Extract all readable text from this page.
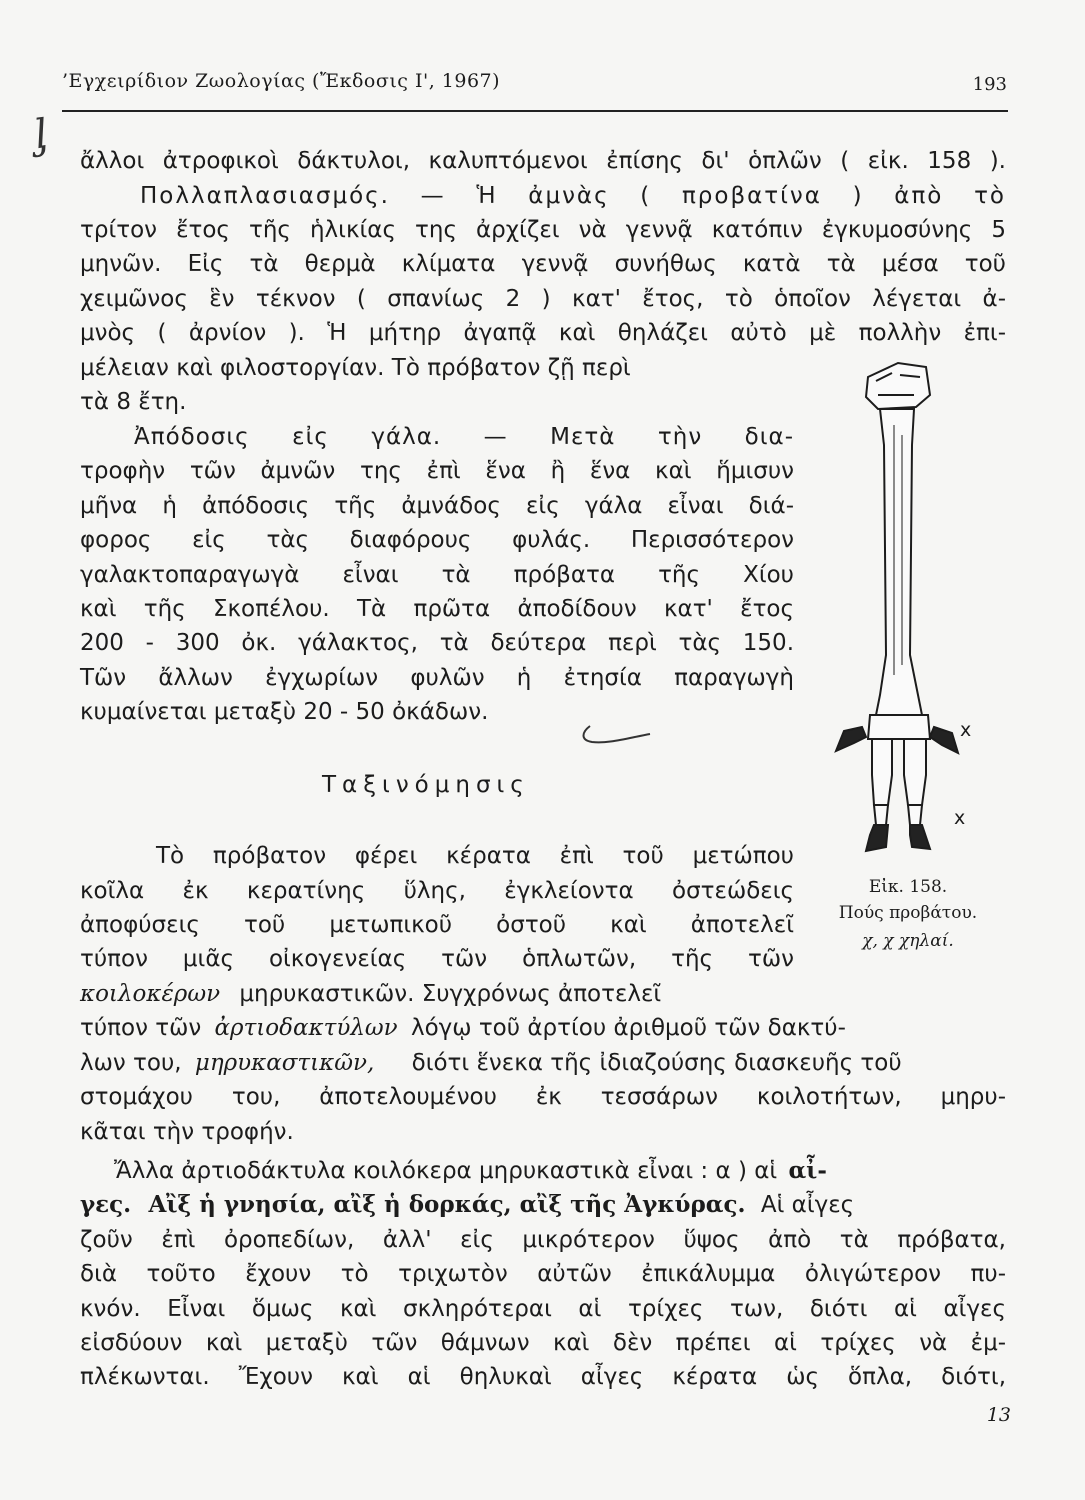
’Εγχειρίδιον Ζωολογίας (Ἔκδοσις Ι', 1967)	193
ᶅ
ἄλλοι ἀτροφικοὶ δάκτυλοι, καλυπτόμενοι ἐπίσης δι' ὁπλῶν ( εἰκ. 158 ).
Πολλαπλασιασμός. — Ἡ ἀμνὰς ( προβατίνα ) ἀπὸ τὸ
τρίτον ἔτος τῆς ἡλικίας της ἀρχίζει νὰ γεννᾷ κατόπιν ἐγκυμοσύνης 5
μηνῶν. Εἰς τὰ θερμὰ κλίματα γεννᾷ συνήθως κατὰ τὰ μέσα τοῦ
χειμῶνος ἓν τέκνον ( σπανίως 2 ) κατ' ἔτος, τὸ ὁποῖον λέγεται ἀ-
μνὸς ( ἀρνίον ). Ἡ μήτηρ ἀγαπᾷ καὶ θηλάζει αὐτὸ μὲ πολλὴν ἐπι-
μέλειαν καὶ φιλοστοργίαν. Τὸ πρόβατον ζῇ περὶ
τὰ 8 ἔτη.
Ἀπόδοσις εἰς γάλα. — Μετὰ τὴν δια-
τροφὴν τῶν ἀμνῶν της ἐπὶ ἕνα ἢ ἕνα καὶ ἥμισυν
μῆνα ἡ ἀπόδοσις τῆς ἀμνάδος εἰς γάλα εἶναι διά-
φορος εἰς τὰς διαφόρους φυλάς. Περισσότερον
γαλακτοπαραγωγὰ εἶναι τὰ πρόβατα τῆς Χίου
καὶ τῆς Σκοπέλου. Τὰ πρῶτα ἀποδίδουν κατ' ἔτος
200 - 300 ὀκ. γάλακτος, τὰ δεύτερα περὶ τὰς 150.
Τῶν ἄλλων ἐγχωρίων φυλῶν ἡ ἐτησία παραγωγὴ
κυμαίνεται μεταξὺ 20 - 50 ὀκάδων.
Ταξινόμησις
Τὸ πρόβατον φέρει κέρατα ἐπὶ τοῦ μετώπου
κοῖλα ἐκ κερατίνης ὕλης, ἐγκλείοντα ὀστεώδεις
ἀποφύσεις τοῦ μετωπικοῦ ὀστοῦ καὶ ἀποτελεῖ
τύπον μιᾶς οἰκογενείας τῶν ὁπλωτῶν, τῆς τῶν
κοιλοκέρων μηρυκαστικῶν. Συγχρόνως ἀποτελεῖ
τύπον τῶν ἀρτιοδακτύλων λόγῳ τοῦ ἀρτίου ἀριθμοῦ τῶν δακτύ-
λων του, μηρυκαστικῶν, διότι ἕνεκα τῆς ἰδιαζούσης διασκευῆς τοῦ
στομάχου του, ἀποτελουμένου ἐκ τεσσάρων κοιλοτήτων, μηρυ-
κᾶται τὴν τροφήν.
Ἄλλα ἀρτιοδάκτυλα κοιλόκερα μηρυκαστικὰ εἶναι : α ) αἱ αἶ-
γες. Αἲξ ἡ γνησία, αἲξ ἡ δορκάς, αἲξ τῆς Ἀγκύρας. Αἱ αἶγες
ζοῦν ἐπὶ ὀροπεδίων, ἀλλ' εἰς μικρότερον ὕψος ἀπὸ τὰ πρόβατα,
διὰ τοῦτο ἔχουν τὸ τριχωτὸν αὐτῶν ἐπικάλυμμα ὀλιγώτερον πυ-
κνόν. Εἶναι ὅμως καὶ σκληρότεραι αἱ τρίχες των, διότι αἱ αἶγες
εἰσδύουν καὶ μεταξὺ τῶν θάμνων καὶ δὲν πρέπει αἱ τρίχες νὰ ἐμ-
πλέκωνται. Ἔχουν καὶ αἱ θηλυκαὶ αἶγες κέρατα ὡς ὅπλα, διότι,
x
x
Εἰκ. 158.
Πούς προβάτου.
χ, χ χηλαί.
13
